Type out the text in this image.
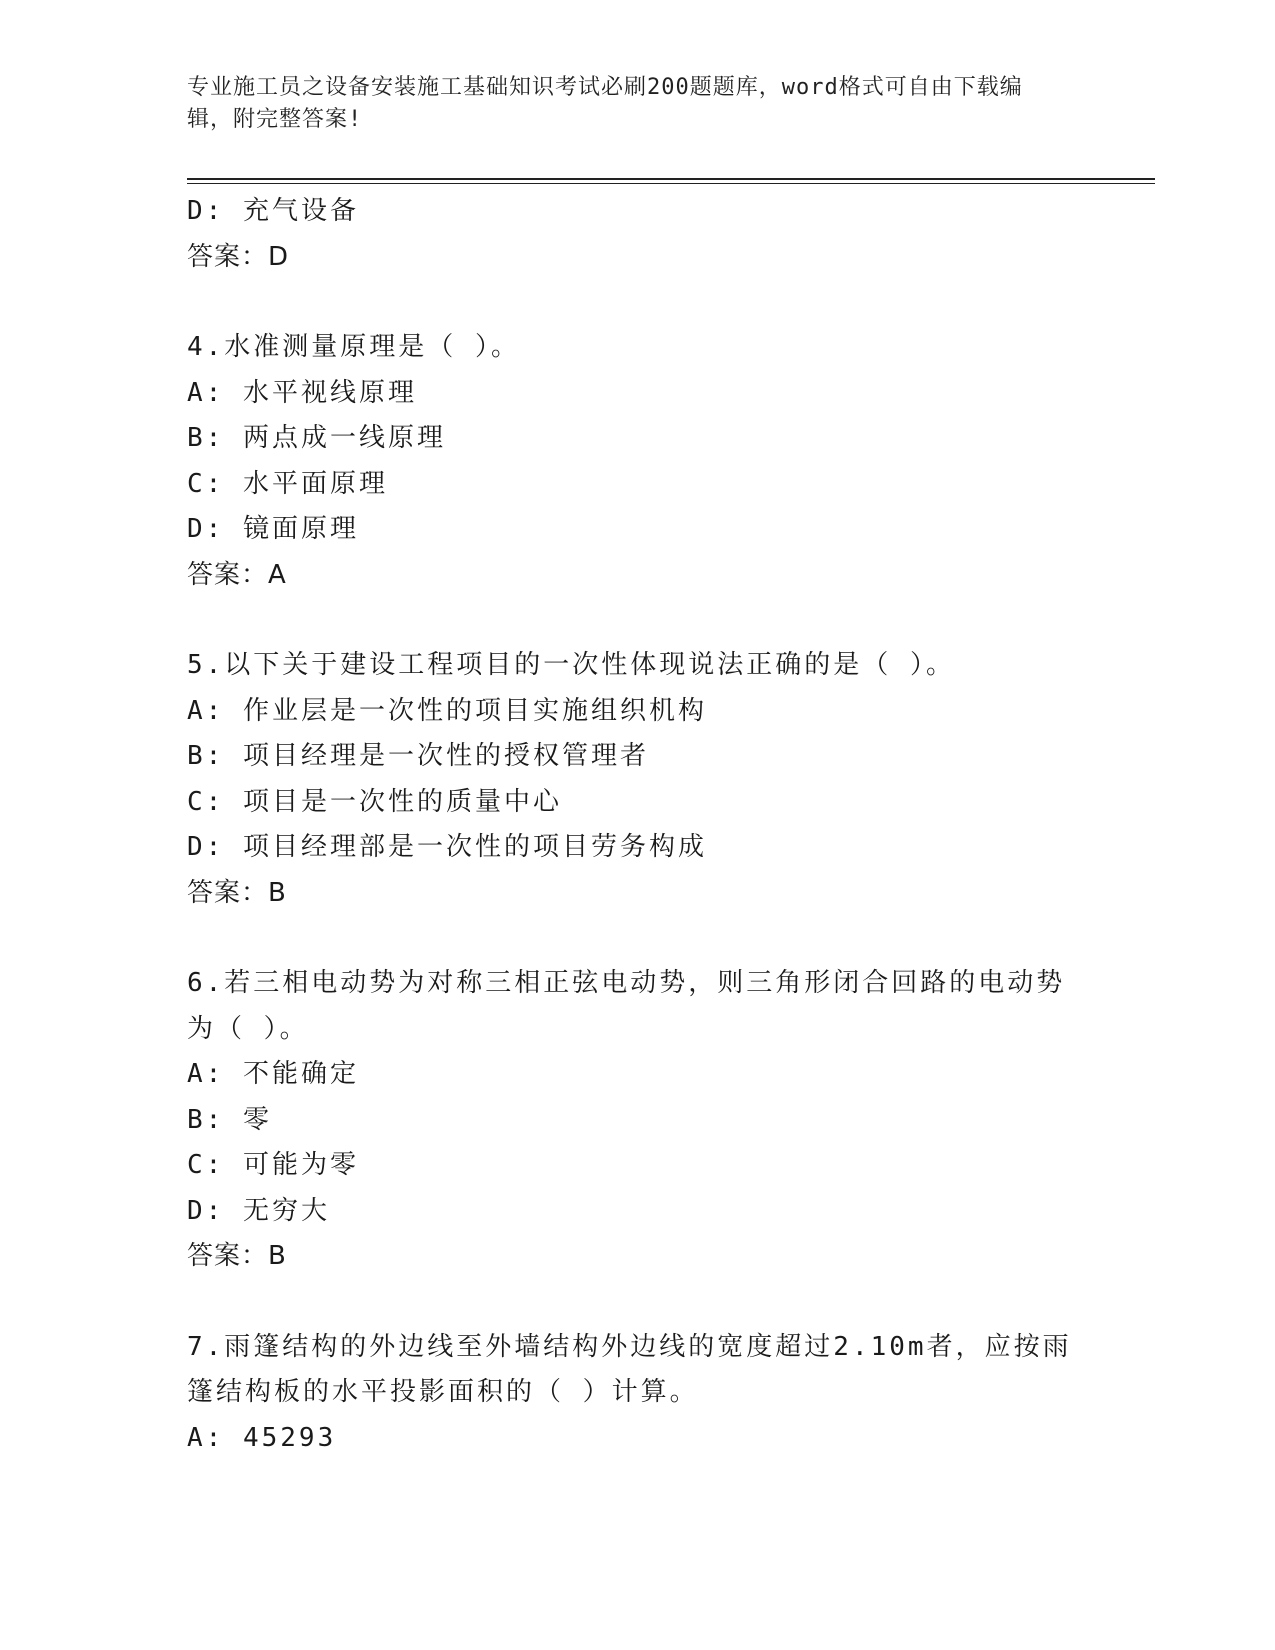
专业施工员之设备安装施工基础知识考试必刷200题题库，word格式可自由下载编辑，附完整答案!
D: 充气设备
答案：D
4.水准测量原理是（ ）。
A: 水平视线原理
B: 两点成一线原理
C: 水平面原理
D: 镜面原理
答案：A
5.以下关于建设工程项目的一次性体现说法正确的是（ ）。
A: 作业层是一次性的项目实施组织机构
B: 项目经理是一次性的授权管理者
C: 项目是一次性的质量中心
D: 项目经理部是一次性的项目劳务构成
答案：B
6.若三相电动势为对称三相正弦电动势，则三角形闭合回路的电动势
为（ ）。
A: 不能确定
B: 零
C: 可能为零
D: 无穷大
答案：B
7.雨篷结构的外边线至外墙结构外边线的宽度超过2.10m者，应按雨
篷结构板的水平投影面积的（ ）计算。
A: 45293
